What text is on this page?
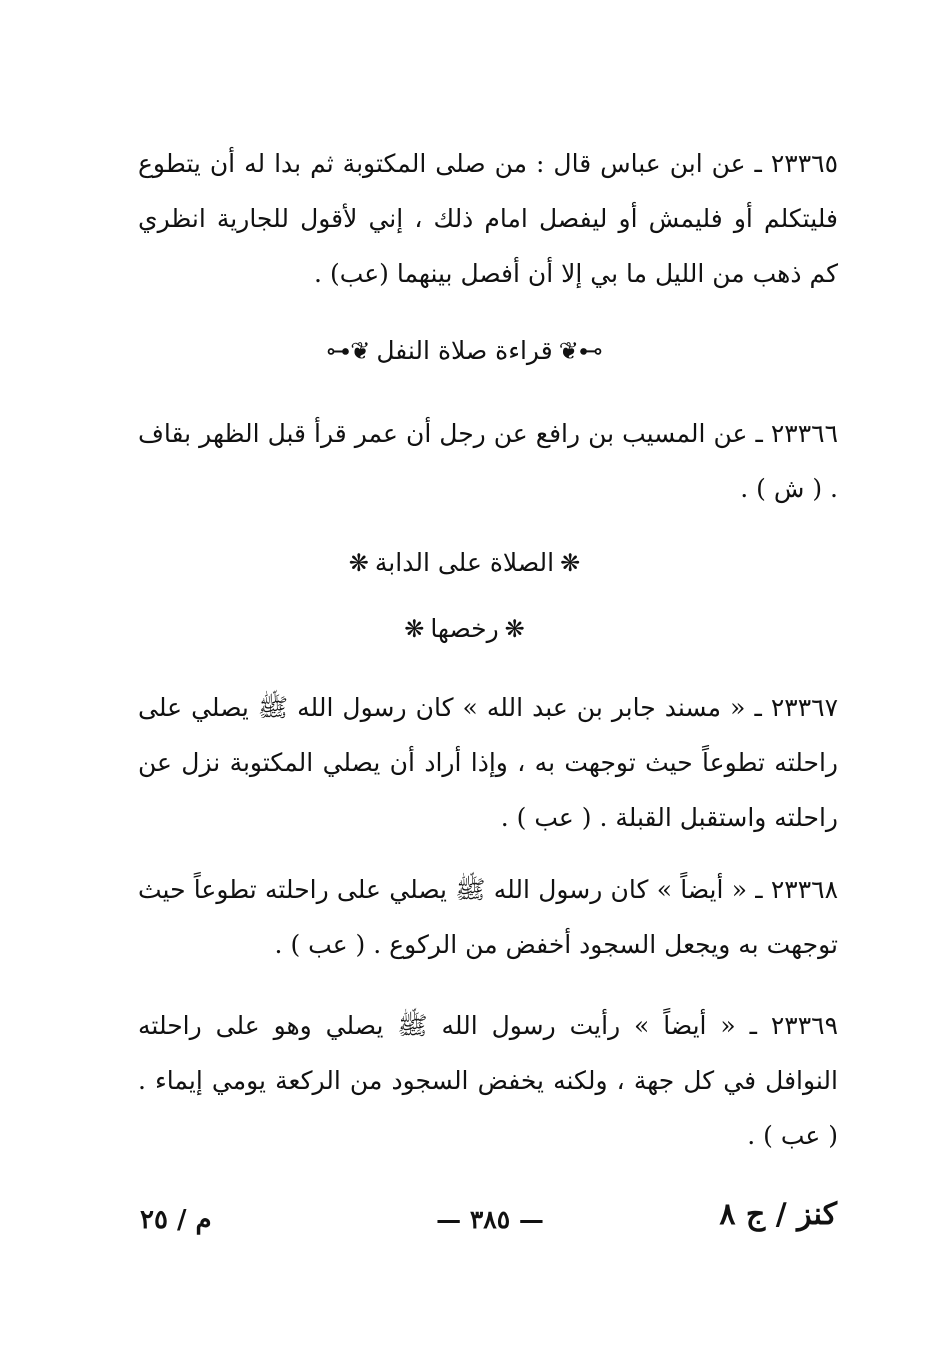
٢٣٣٦٥ ـ عن ابن عباس قال : من صلى المكتوبة ثم بدا له أن يتطوع فليتكلم أو فليمش أو ليفصل امام ذلك ، إني لأقول للجارية انظري كم ذهب من الليل ما بي إلا أن أفصل بينهما (عب) .

⊶❦قراءة صلاة النفل❦⊷

٢٣٣٦٦ ـ عن المسيب بن رافع عن رجل أن عمر قرأ قبل الظهر بقاف . ( ش ) .

❋الصلاة على الدابة❋
❋رخصها❋

٢٣٣٦٧ ـ « مسند جابر بن عبد الله » كان رسول الله ﷺ يصلي على راحلته تطوعاً حيث توجهت به ، وإذا أراد أن يصلي المكتوبة نزل عن راحلته واستقبل القبلة . ( عب ) .

٢٣٣٦٨ ـ « أيضاً » كان رسول الله ﷺ يصلي على راحلته تطوعاً حيث توجهت به ويجعل السجود أخفض من الركوع . ( عب ) .

٢٣٣٦٩ ـ « أيضاً » رأيت رسول الله ﷺ يصلي وهو على راحلته النوافل في كل جهة ، ولكنه يخفض السجود من الركعة يومي إيماء . ( عب ) .

كنز / ج ٨
— ٣٨٥ —
م / ٢٥
